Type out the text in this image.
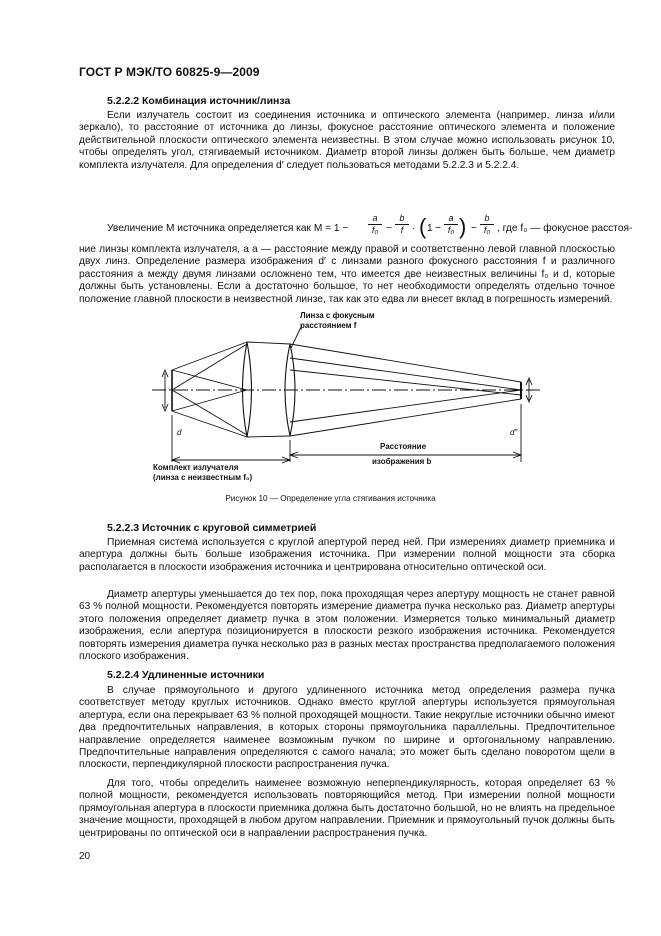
ГОСТ Р МЭК/ТО 60825-9—2009
5.2.2.2 Комбинация источник/линза

Если излучатель состоит из соединения источника и оптического элемента (например, линза и/или зеркало), то расстояние от источника до линзы, фокусное расстояние оптического элемента и положение действительной плоскости оптического элемента неизвестны. В этом случае можно использовать рисунок 10, чтобы определять угол, стягиваемый источником. Диаметр второй линзы должен быть больше, чем диаметр комплекта излучателя. Для определения d′ следует пользоваться методами 5.2.2.3 и 5.2.2.4.

Увеличение M источника определяется как $M = 1 - \frac{a}{\text{f₀}} - \frac{b}{f}$ · ( $1 - \frac{a}{\text{f₀}}$ ) − $\frac{b}{\text{f₀}}$ , где f₀ — фокусное расстоя-

ние линзы комплекта излучателя, а a — расстояние между правой и соответственно левой главной плоскостью двух линз. Определение размера изображения d′ с линзами разного фокусного расстояния f и различного расстояния a между двумя линзами осложнено тем, что имеется две неизвестных величины f₀ и d, которые должны быть установлены. Если a достаточно большое, то нет необходимости определять отдельно точное положение главной плоскости в неизвестной линзе, так как это едва ли внесет вклад в погрешность измерений.

Линза с фокусным
расстоянием f
d	d″
Расстояние
изображения b
Комплект излучателя
(линза с неизвестным f₀)
Рисунок 10 — Определение угла стягивания источника
5.2.2.3 Источник с круговой симметрией

Приемная система используется с круглой апертурой перед ней. При измерениях диаметр приемника и апертура должны быть больше изображения источника. При измерении полной мощности эта сборка располагается в плоскости изображения источника и центрирована относительно оптической оси.

Диаметр апертуры уменьшается до тех пор, пока проходящая через апертуру мощность не станет равной 63 % полной мощности. Рекомендуется повторять измерение диаметра пучка несколько раз. Диаметр апертуры этого положения определяет диаметр пучка в этом положении. Измеряется только минимальный диаметр изображения, если апертура позиционируется в плоскости резкого изображения источника. Рекомендуется повторять измерения диаметра пучка несколько раз в разных местах пространства предполагаемого положения плоского изображения.

5.2.2.4 Удлиненные источники

В случае прямоугольного и другого удлиненного источника метод определения размера пучка соответствует методу круглых источников. Однако вместо круглой апертуры используется прямоугольная апертура, если она перекрывает 63 % полной проходящей мощности. Такие некруглые источники обычно имеют два предпочтительных направления, в которых стороны прямоугольника параллельны. Предпочтительное направление определяется наименее возможным пучком по ширине и ортогональному направлению. Предпочтительные направления определяются с самого начала; это может быть сделано поворотом щели в плоскости, перпендикулярной плоскости распространения пучка.

Для того, чтобы определить наименее возможную неперпендикулярность, которая определяет 63 % полной мощности, рекомендуется использовать повторяющийся метод. При измерении полной мощности прямоугольная апертура в плоскости приемника должна быть достаточно большой, но не влиять на предельное значение мощности, проходящей в любом другом направлении. Приемник и прямоугольный пучок должны быть центрированы по оптической оси в направлении распространения пучка.

20
